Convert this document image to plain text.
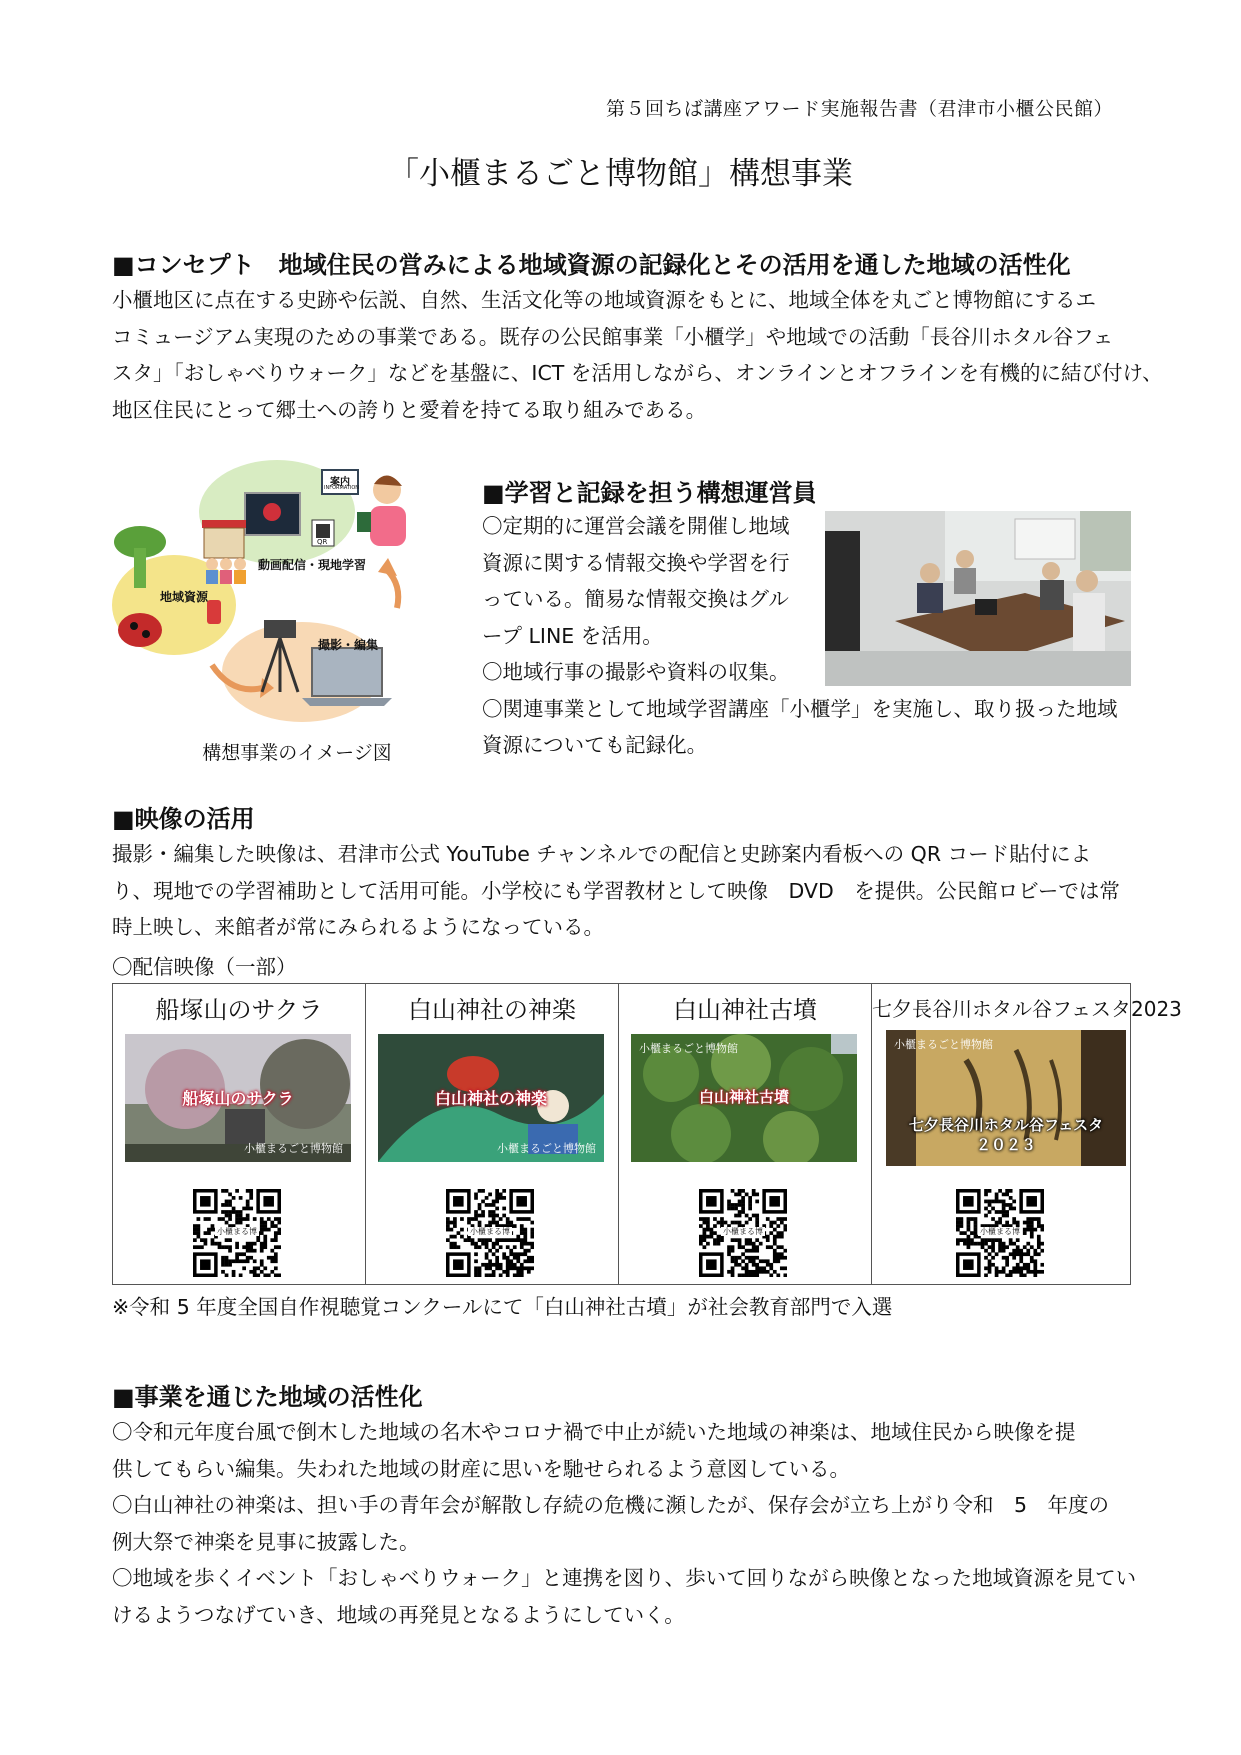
第５回ちば講座アワード実施報告書（君津市小櫃公民館）
「小櫃まるごと博物館」構想事業
■コンセプト　地域住民の営みによる地域資源の記録化とその活用を通した地域の活性化

小櫃地区に点在する史跡や伝説、自然、生活文化等の地域資源をもとに、地域全体を丸ごと博物館にするエ

コミュージアム実現のための事業である。既存の公民館事業「小櫃学」や地域での活動「長谷川ホタル谷フェ

スタ」「おしゃべりウォーク」などを基盤に、ICT を活用しながら、オンラインとオフラインを有機的に結び付け、

地区住民にとって郷土への誇りと愛着を持てる取り組みである。

地域資源
動画配信・現地学習
撮影・編集
案内
INFORMATION
QR
構想事業のイメージ図
■学習と記録を担う構想運営員

〇定期的に運営会議を開催し地域

資源に関する情報交換や学習を行

っている。簡易な情報交換はグル

ープ LINE を活用。

〇地域行事の撮影や資料の収集。

〇関連事業として地域学習講座「小櫃学」を実施し、取り扱った地域

資源についても記録化。

■映像の活用

撮影・編集した映像は、君津市公式 YouTube チャンネルでの配信と史跡案内看板への QR コード貼付によ

り、現地での学習補助として活用可能。小学校にも学習教材として映像　DVD　を提供。公民館ロビーでは常

時上映し、来館者が常にみられるようになっている。

〇配信映像（一部）
船塚山のサクラ
船塚山のサクラ
小櫃まるごと博物館
小櫃まる博
白山神社の神楽
白山神社の神楽
小櫃まるごと博物館
小櫃まる博
白山神社古墳
白山神社古墳
小櫃まるごと博物館
小櫃まる博
七夕長谷川ホタル谷フェスタ2023
七夕長谷川ホタル谷フェスタ
２０２３
小櫃まるごと博物館
小櫃まる博
※令和 5 年度全国自作視聴覚コンクールにて「白山神社古墳」が社会教育部門で入選
■事業を通じた地域の活性化

〇令和元年度台風で倒木した地域の名木やコロナ禍で中止が続いた地域の神楽は、地域住民から映像を提

供してもらい編集。失われた地域の財産に思いを馳せられるよう意図している。

〇白山神社の神楽は、担い手の青年会が解散し存続の危機に瀕したが、保存会が立ち上がり令和　5　年度の

例大祭で神楽を見事に披露した。

〇地域を歩くイベント「おしゃべりウォーク」と連携を図り、歩いて回りながら映像となった地域資源を見てい

けるようつなげていき、地域の再発見となるようにしていく。
